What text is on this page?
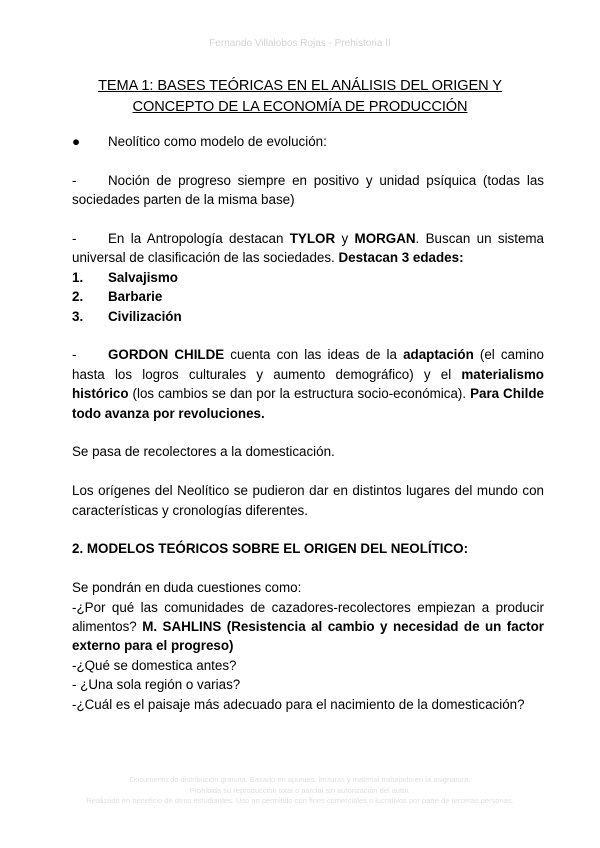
Fernando Villalobos Rojas - Prehistoria II
TEMA 1: BASES TEÓRICAS EN EL ANÁLISIS DEL ORIGEN Y
CONCEPTO DE LA ECONOMÍA DE PRODUCCIÓN

● Neolítico como modelo de evolución:

- Noción de progreso siempre en positivo y unidad psíquica (todas las sociedades parten de la misma base)

- En la Antropología destacan TYLOR y MORGAN. Buscan un sistema universal de clasificación de las sociedades. Destacan 3 edades:

1. Salvajismo

2. Barbarie

3. Civilización

- GORDON CHILDE cuenta con las ideas de la adaptación (el camino hasta los logros culturales y aumento demográfico) y el materialismo histórico (los cambios se dan por la estructura socio-económica). Para Childe todo avanza por revoluciones.

Se pasa de recolectores a la domesticación.

Los orígenes del Neolítico se pudieron dar en distintos lugares del mundo con características y cronologías diferentes.

2. MODELOS TEÓRICOS SOBRE EL ORIGEN DEL NEOLÍTICO:

Se pondrán en duda cuestiones como:

-¿Por qué las comunidades de cazadores-recolectores empiezan a producir alimentos? M. SAHLINS (Resistencia al cambio y necesidad de un factor externo para el progreso)

-¿Qué se domestica antes?

- ¿Una sola región o varias?

-¿Cuál es el paisaje más adecuado para el nacimiento de la domesticación?

Documento de distribución gratuita. Basado en apuntes, lecturas y material trabajado en la asignatura.
Prohibida su reproducción total o parcial sin autorización del autor.
Realizado en beneficio de otros estudiantes. Uso no permitido con fines comerciales o lucrativos por parte de terceras personas.
